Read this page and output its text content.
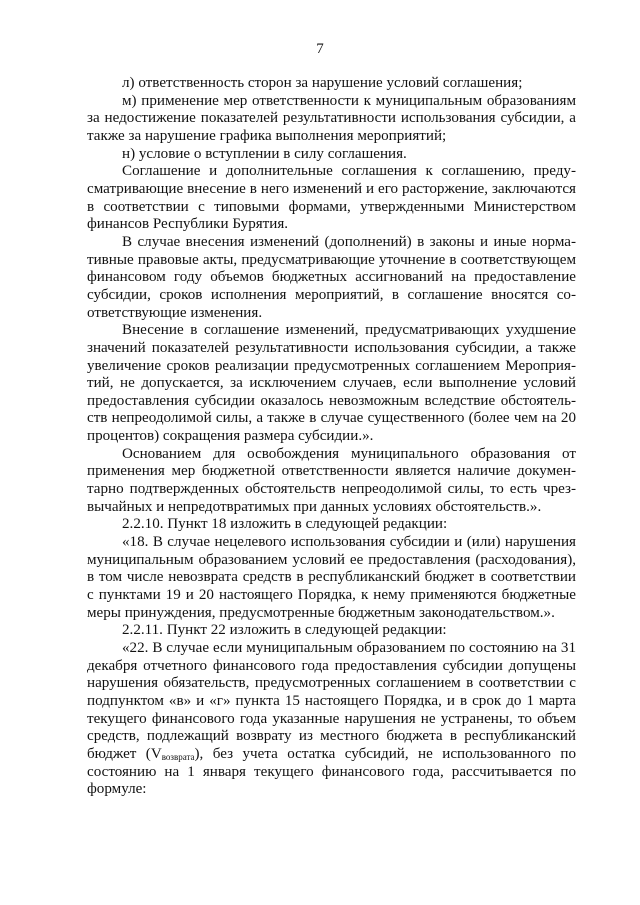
7

л) ответственность сторон за нарушение условий соглашения;

м) применение мер ответственности к муниципальным образованиям за недостижение показателей результативности использования субсидии, а также за нарушение графика выполнения мероприятий;

н) условие о вступлении в силу соглашения.

Соглашение и дополнительные соглашения к соглашению, предусматривающие внесение в него изменений и его расторжение, заключаются в соответствии с типовыми формами, утвержденными Министерством финансов Республики Бурятия.

В случае внесения изменений (дополнений) в законы и иные нормативные правовые акты, предусматривающие уточнение в соответствующем финансовом году объемов бюджетных ассигнований на предоставление субсидии, сроков исполнения мероприятий, в соглашение вносятся соответствующие изменения.

Внесение в соглашение изменений, предусматривающих ухудшение значений показателей результативности использования субсидии, а также увеличение сроков реализации предусмотренных соглашением Мероприятий, не допускается, за исключением случаев, если выполнение условий предоставления субсидии оказалось невозможным вследствие обстоятельств непреодолимой силы, а также в случае существенного (более чем на 20 процентов) сокращения размера субсидии.».

Основанием для освобождения муниципального образования от применения мер бюджетной ответственности является наличие документарно подтвержденных обстоятельств непреодолимой силы, то есть чрезвычайных и непредотвратимых при данных условиях обстоятельств.».

2.2.10. Пункт 18 изложить в следующей редакции:

«18. В случае нецелевого использования субсидии и (или) нарушения муниципальным образованием условий ее предоставления (расходования), в том числе невозврата средств в республиканский бюджет в соответствии с пунктами 19 и 20 настоящего Порядка, к нему применяются бюджетные меры принуждения, предусмотренные бюджетным законодательством.».

2.2.11. Пункт 22 изложить в следующей редакции:

«22. В случае если муниципальным образованием по состоянию на 31 декабря отчетного финансового года предоставления субсидии допущены нарушения обязательств, предусмотренных соглашением в соответствии с подпунктом «в» и «г» пункта 15 настоящего Порядка, и в срок до 1 марта текущего финансового года указанные нарушения не устранены, то объем средств, подлежащий возврату из местного бюджета в республиканский бюджет $(V_{возврата})$, без учета остатка субсидий, не использованного по состоянию на 1 января текущего финансового года, рассчитывается по формуле:
